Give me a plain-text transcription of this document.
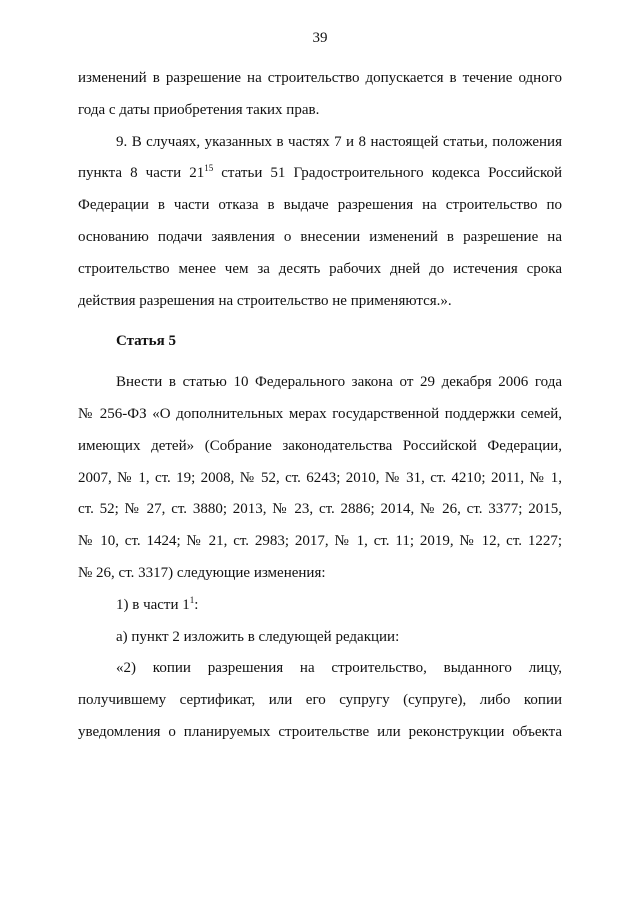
39

изменений в разрешение на строительство допускается в течение одного

года с даты приобретения таких прав.

9. В случаях, указанных в частях 7 и 8 настоящей статьи, положения

пункта 8 части $21^{15}$ статьи 51 Градостроительного кодекса Российской

Федерации в части отказа в выдаче разрешения на строительство по

основанию подачи заявления о внесении изменений в разрешение на

строительство менее чем за десять рабочих дней до истечения срока

действия разрешения на строительство не применяются.».

Статья 5

Внести в статью 10 Федерального закона от 29 декабря 2006 года

№ 256-ФЗ «О дополнительных мерах государственной поддержки семей,

имеющих детей» (Собрание законодательства Российской Федерации,

2007, № 1, ст. 19; 2008, № 52, ст. 6243; 2010, № 31, ст. 4210; 2011, № 1,

ст. 52; № 27, ст. 3880; 2013, № 23, ст. 2886; 2014, № 26, ст. 3377; 2015,

№ 10, ст. 1424; № 21, ст. 2983; 2017, № 1, ст. 11; 2019, № 12, ст. 1227;

№ 26, ст. 3317) следующие изменения:

1) в части $1^1$:

а) пункт 2 изложить в следующей редакции:

«2) копии разрешения на строительство, выданного лицу,

получившему сертификат, или его супругу (супруге), либо копии

уведомления о планируемых строительстве или реконструкции объекта
